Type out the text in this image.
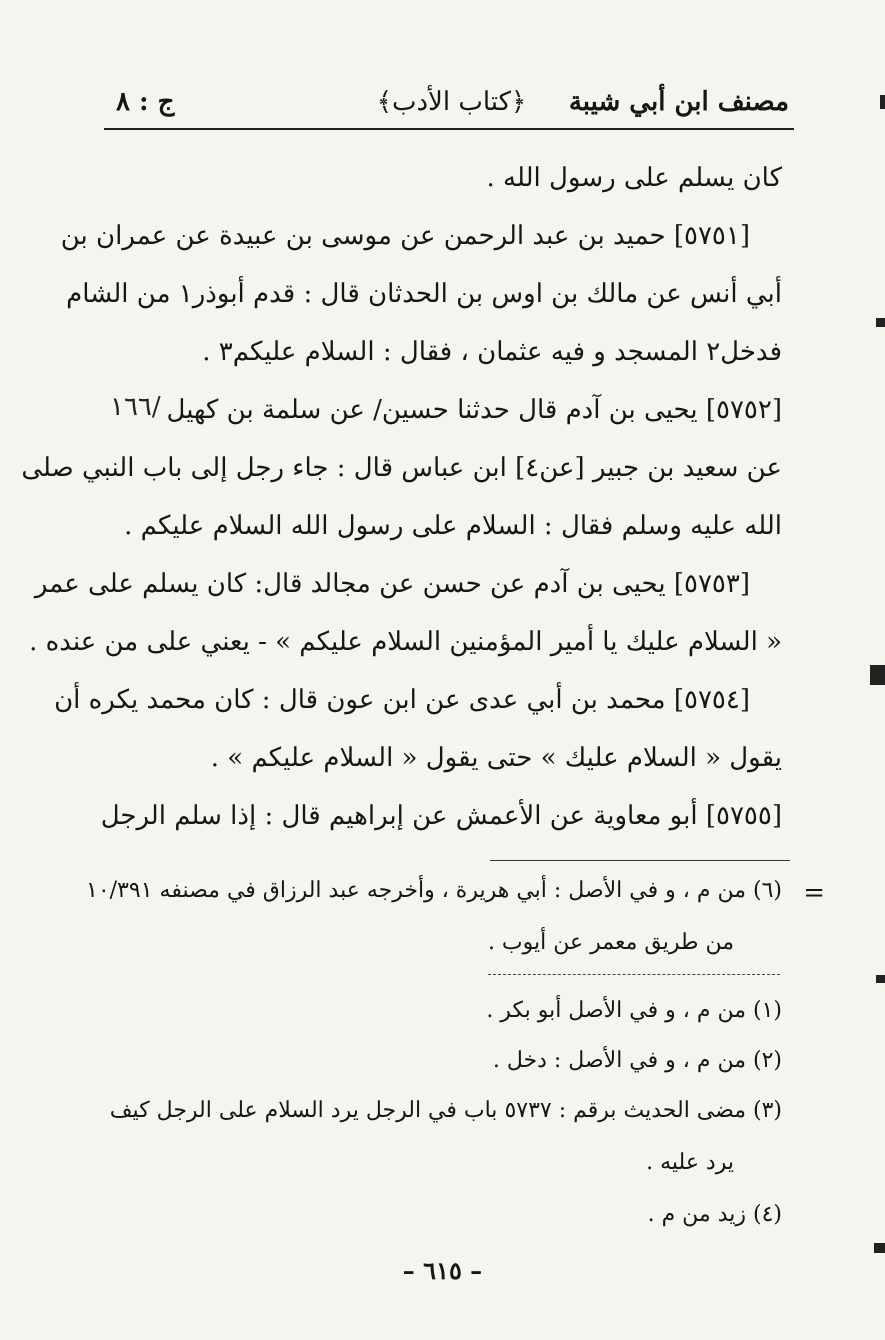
مصنف ابن أبي شيبة
﴿كتاب الأدب﴾
ج : ٨
كان يسلم على رسول الله .
[٥٧٥١] حميد بن عبد الرحمن عن موسى بن عبيدة عن عمران بن
أبي أنس عن مالك بن اوس بن الحدثان قال : قدم أبوذر١ من الشام
فدخل٢ المسجد و فيه عثمان ، فقال : السلام عليكم٣ .
١٦٦/ [٥٧٥٢] يحيى بن آدم قال حدثنا حسين/ عن سلمة بن كهيل
عن سعيد بن جبير [عن٤] ابن عباس قال : جاء رجل إلى باب النبي صلى
الله عليه وسلم فقال : السلام على رسول الله السلام عليكم .
[٥٧٥٣] يحيى بن آدم عن حسن عن مجالد قال: كان يسلم على عمر
« السلام عليك يا أمير المؤمنين السلام عليكم » - يعني على من عنده .
[٥٧٥٤] محمد بن أبي عدى عن ابن عون قال : كان محمد يكره أن
يقول « السلام عليك » حتى يقول « السلام عليكم » .
[٥٧٥٥] أبو معاوية عن الأعمش عن إبراهيم قال : إذا سلم الرجل
=
(٦) من م ، و في الأصل : أبي هريرة ، وأخرجه عبد الرزاق في مصنفه ١٠/٣٩١
من طريق معمر عن أيوب .
(١) من م ، و في الأصل أبو بكر .
(٢) من م ، و في الأصل : دخل .
(٣) مضى الحديث برقم : ٥٧٣٧ باب في الرجل يرد السلام على الرجل كيف
يرد عليه .
(٤) زيد من م .
– ٦١٥ –
